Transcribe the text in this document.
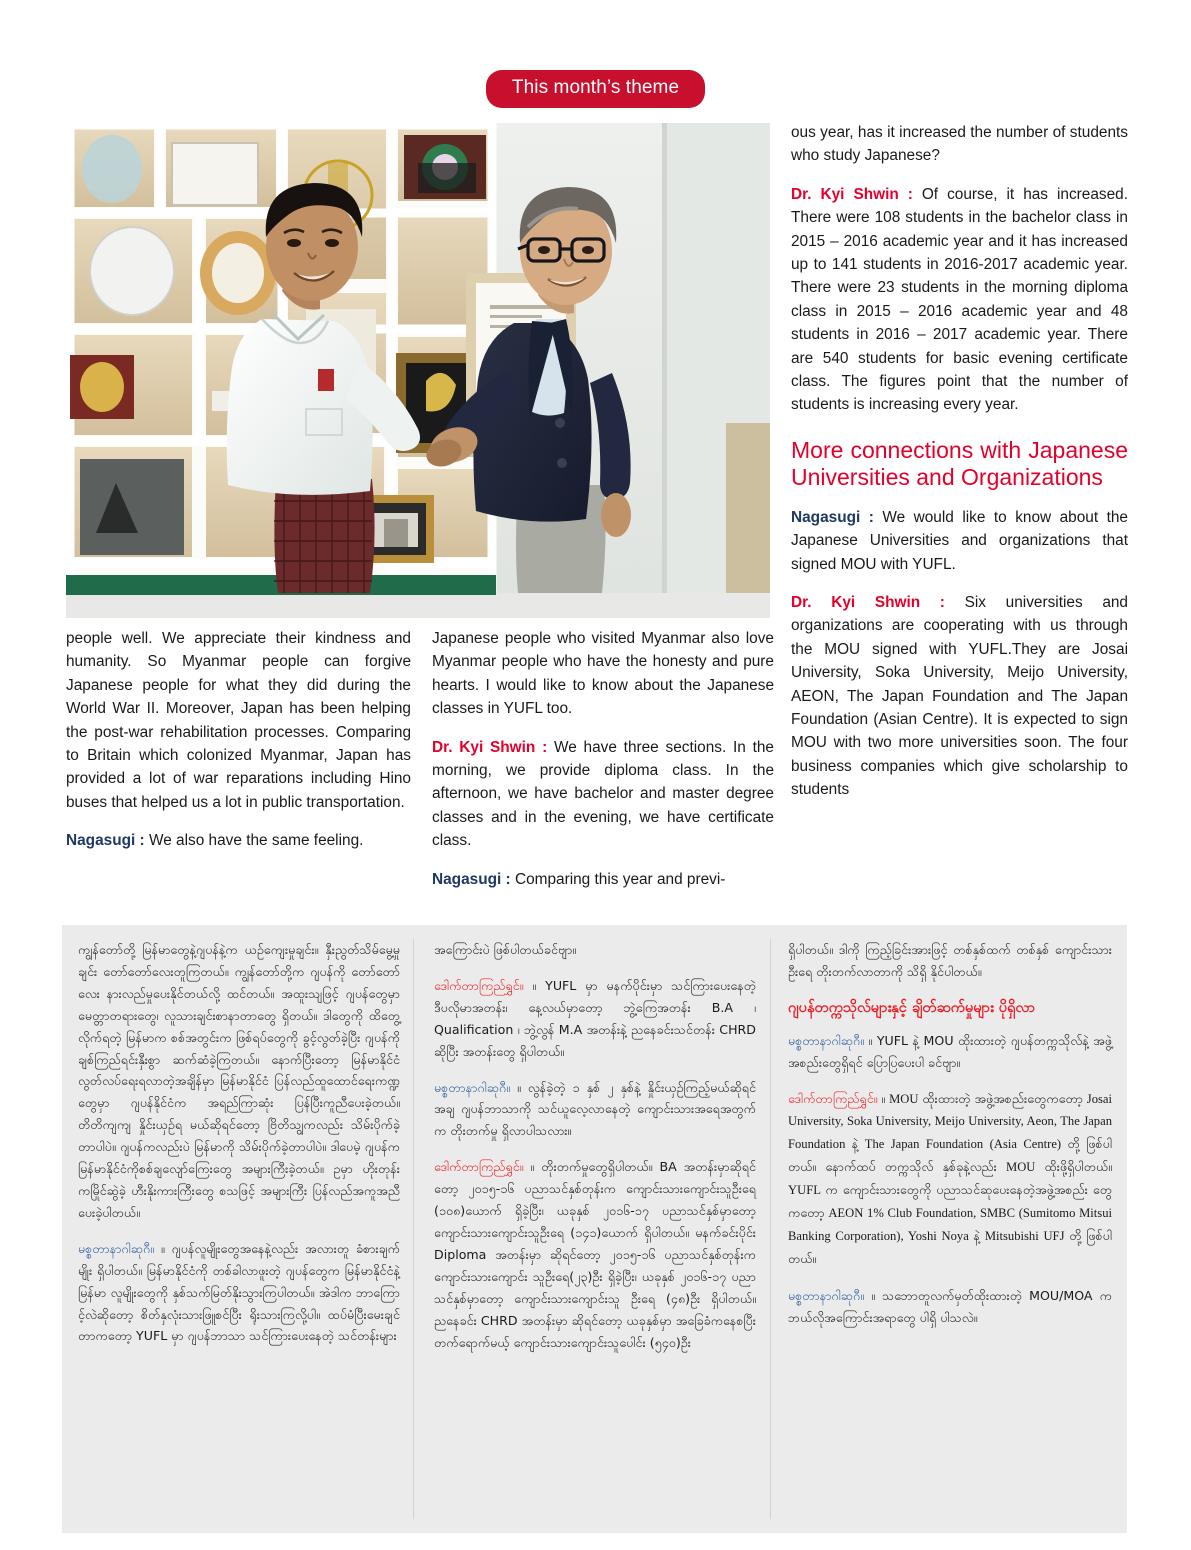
This month’s theme

people well. We appreciate their kindness and humanity. So Myanmar people can forgive Japanese people for what they did during the World War II. Moreover, Japan has been helping the post-war rehabilitation processes. Comparing to Britain which colonized Myanmar, Japan has provided a lot of war reparations including Hino buses that helped us a lot in public transportation.

Nagasugi : We also have the same feeling.

Japanese people who visited Myanmar also love Myanmar people who have the honesty and pure hearts. I would like to know about the Japanese classes in YUFL too.

Dr. Kyi Shwin : We have three sections. In the morning, we provide diploma class. In the afternoon, we have bachelor and master degree classes and in the evening, we have certificate class.

Nagasugi : Comparing this year and previ-

ous year, has it increased the number of students who study Japanese?

Dr. Kyi Shwin : Of course, it has increased. There were 108 students in the bachelor class in 2015 – 2016 academic year and it has increased up to 141 students in 2016-2017 academic year. There were 23 students in the morning diploma class in 2015 – 2016 academic year and 48 students in 2016 – 2017 academic year. There are 540 students for basic evening certificate class. The figures point that the number of students is increasing every year.

More connections with Japanese Universities and Organizations

Nagasugi : We would like to know about the Japanese Universities and organizations that signed MOU with YUFL.

Dr. Kyi Shwin : Six universities and organizations are cooperating with us through the MOU signed with YUFL.They are Josai University, Soka University, Meijo University, AEON, The Japan Foundation and The Japan Foundation (Asian Centre). It is expected to sign MOU with two more universities soon. The four business companies which give scholarship to students

ကျွန်တော်တို့ မြန်မာတွေနဲ့ဂျပန်နဲ့က ယဥ်ကျေးမှုချင်း။ နှီးညွတ်သိမ်မွေ့မှုချင်း တော်တော်လေးတူကြတယ်။ ကျွန်တော်တို့က ဂျပန်ကို တော်တော်လေး နားလည်မှုပေးနိုင်တယ်လို့ ထင်တယ်။ အထူးသျဖြင့် ဂျပန်တွေမှာ မေတ္တာတရားတွေ၊ လူသားချင်းစာနာတာတွေ ရှိတယ်။ ဒါတွေကို ထိတွေ့လိုက်ရတဲ့ မြန်မာက စစ်အတွင်းက ဖြစ်ရပ်တွေကို ခွင့်လွတ်ခဲ့ပြီး ဂျပန်ကို ချစ်ကြည်ရင်းနှီးစွာ ဆက်ဆံခဲ့ကြတယ်။ နောက်ပြီးတော့ မြန်မာနိုင်ငံ လွတ်လပ်ရေးရလာတဲ့အချိန်မှာ မြန်မာနိုင်ငံ ပြန်လည်ထူထောင်ရေးကဏ္ဍတွေမှာ ဂျပန်နိုင်ငံက အရည်ကြာဆုံး ပြန်ပြီးကူညီပေးခဲ့တယ်။ တိတိကျကျ နှိုင်းယှဥ်ရ မယ်ဆိုရင်တော့ ဗြိတိသျွကလည်း သိမ်းပိုက်ခဲ့တာပါပဲ။ ဂျပန်ကလည်းပဲ မြန်မာကို သိမ်းပိုက်ခဲ့တာပါပဲ။ ဒါပေမဲ့ ဂျပန်က မြန်မာနိုင်ငံကိုစစ်ချလျော်ကြေးတွေ အများကြီးခဲ့တယ်။ ဥမှာ ဟိုးတုန်းကမြိုင်ဆွဲခဲ့ ဟီးနိုးကားကြီးတွေ စသဖြင့် အများကြီး ပြန်လည်အကူအညီပေးခဲ့ပါတယ်။

မစ္စတာနာဂါဆုဂီ။ ။ ဂျပန်လူမျိုးတွေအနေနဲ့လည်း အလားတူ ခံစားချက်မျိုး ရှိပါတယ်။ မြန်မာနိုင်ငံကို တစ်ခါလာဖူးတဲ့ ဂျပန်တွေက မြန်မာနိုင်ငံနဲ့ မြန်မာ လူမျိုးတွေကို နှစ်သက်မြတ်နိုးသွားကြပါတယ်။ အဲဒါက ဘာကြောင့်လဲဆိုတော့ စိတ်နှလုံးသားဖြူစင်ပြီး ရိုးသားကြလို့ပါ။ ထပ်မံပြီးမေးချင်တာကတော့ YUFL မှာ ဂျပန်ဘာသာ သင်ကြားပေးနေတဲ့ သင်တန်းများ

အကြောင်းပဲ ဖြစ်ပါတယ်ခင်ဗျာ။

ဒေါက်တာကြည်ရွှင်။ ။ YUFL မှာ မနက်ပိုင်းမှာ သင်ကြားပေးနေတဲ့ ဒီပလိုမာအတန်း၊ နေ့လယ်မှာတော့ ဘွဲ့ကြေအတန်း B.A ၊ Qualification ၊ ဘွဲ့လွန် M.A အတန်းနဲ့ ညနေခင်းသင်တန်း CHRD ဆိုပြီး အတန်းတွေ ရှိပါတယ်။

မစ္စတာနာဂါဆုဂီ။ ။ လွန်ခဲ့တဲ့ ၁ နှစ် ၂ နှစ်နဲ့ နှိုင်းယှဥ်ကြည့်မယ်ဆိုရင် အချ ဂျပန်ဘာသာကို သင်ယူလေ့လာနေတဲ့ ကျောင်းသားအရေအတွက်က တိုးတက်မှု ရှိလာပါသလား။

ဒေါက်တာကြည်ရွှင်။ ။ တိုးတက်မှုတွေရှိပါတယ်။ BA အတန်းမှာဆိုရင်တော့ ၂၀၁၅-၁၆ ပညာသင်နှစ်တုန်းက ကျောင်းသားကျောင်းသူဦးရေ (၁၀၈)ယောက် ရှိခဲ့ပြီး၊ ယခုနှစ် ၂၀၁၆-၁၇ ပညာသင်နှစ်မှာတော့ ကျောင်းသားကျောင်းသူဦးရေ (၁၄၁)ယောက် ရှိပါတယ်။ မနက်ခင်းပိုင်း Diploma အတန်းမှာ ဆိုရင်တော့ ၂၀၁၅-၁၆ ပညာသင်နှစ်တုန်းက ကျောင်းသားကျောင်း သူဦးရေ(၂၃)ဦး ရှိခဲ့ပြီး၊ ယခုနှစ် ၂၀၁၆-၁၇ ပညာ သင်နှစ်မှာတော့ ကျောင်းသားကျောင်းသူ ဦးရေ (၄၈)ဦး ရှိပါတယ်။ ညနေခင်း CHRD အတန်းမှာ ဆိုရင်တော့ ယခုနှစ်မှာ အခြေခံကနေစပြီး တက်ရောက်မယ့် ကျောင်းသားကျောင်းသူပေါင်း (၅၄၀)ဦး

ရှိပါတယ်။ ဒါကို ကြည့်ခြင်းအားဖြင့် တစ်နှစ်ထက် တစ်နှစ် ကျောင်းသားဦးရေ တိုးတက်လာတာကို သိရှိ နိုင်ပါတယ်။

ဂျပန်တက္ကသိုလ်များနှင့် ချိတ်ဆက်မှုများ ပိုရှိလာ

မစ္စတာနာဂါဆုဂီ။ ။ YUFL နဲ့ MOU ထိုးထားတဲ့ ဂျပန်တက္ကသိုလ်နဲ့ အဖွဲ့အစည်းတွေရှိရင် ပြောပြပေးပါ ခင်ဗျာ။

ဒေါက်တာကြည်ရွှင်။ ။ MOU ထိုးထားတဲ့ အဖွဲ့အစည်းတွေကတော့ Josai University, Soka University, Meijo University, Aeon, The Japan Foundation နဲ့ The Japan Foundation (Asia Centre) တို့ ဖြစ်ပါတယ်။ နောက်ထပ် တက္ကသိုလ် နှစ်ခုနဲ့လည်း MOU ထိုးဖို့ရှိပါတယ်။ YUFL က ကျောင်းသားတွေကို ပညာသင်ဆုပေးနေတဲ့အဖွဲ့အစည်း တွေကတော့ AEON 1% Club Foundation, SMBC (Sumitomo Mitsui Banking Corporation), Yoshi Noya နဲ့ Mitsubishi UFJ တို့ ဖြစ်ပါ တယ်။

မစ္စတာနာဂါဆုဂီ။ ။ သဘောတူလက်မှတ်ထိုးထားတဲ့ MOU/MOA က ဘယ်လိုအကြောင်းအရာတွေ ပါရှိ ပါသလဲ။
